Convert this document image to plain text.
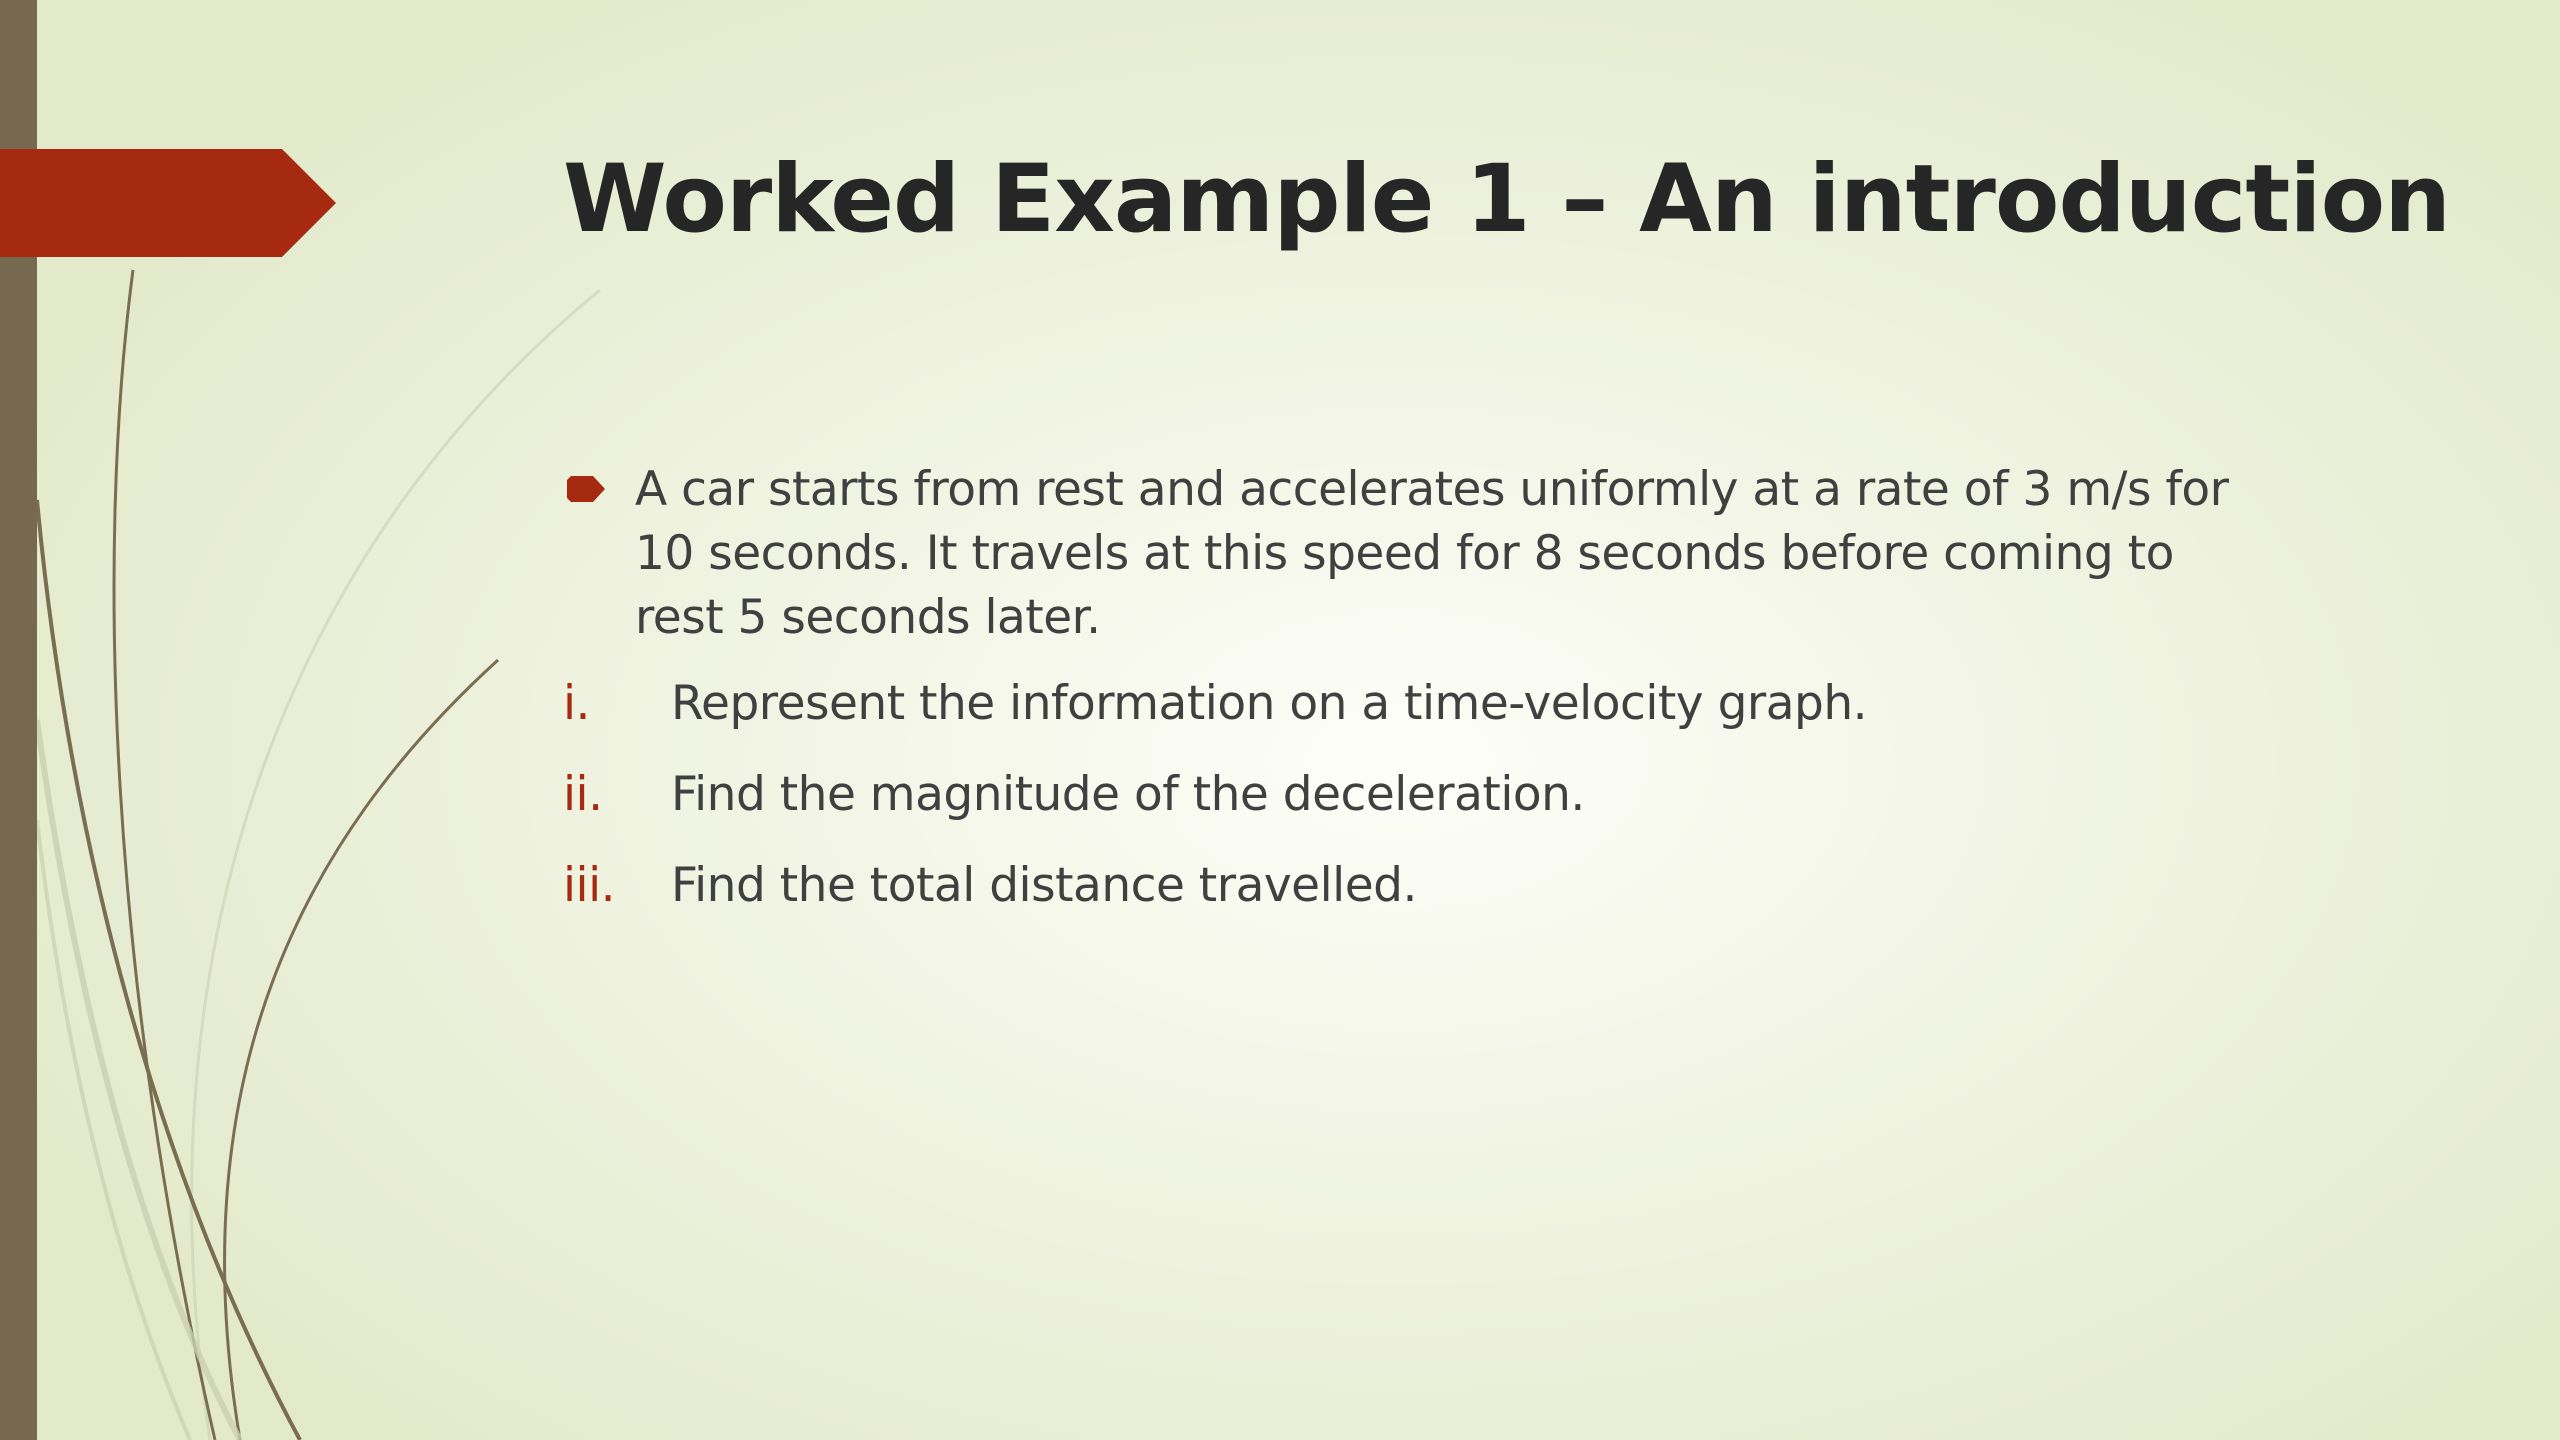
Worked Example 1 – An introduction

A car starts from rest and accelerates uniformly at a rate of 3 m/s for

10 seconds. It travels at this speed for 8 seconds before coming to

rest 5 seconds later.

i. Represent the information on a time-velocity graph.
ii. Find the magnitude of the deceleration.
iii. Find the total distance travelled.
